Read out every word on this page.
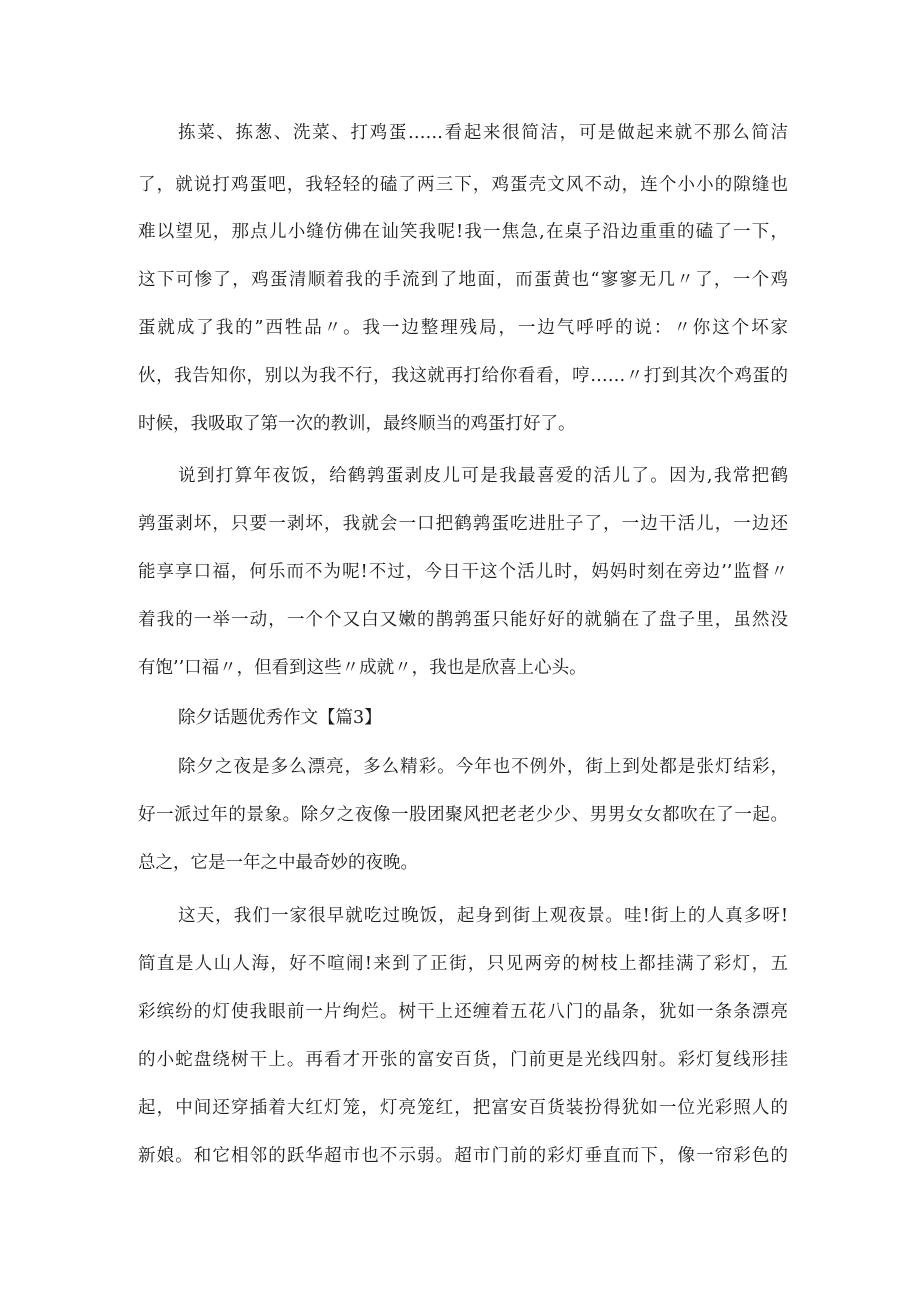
拣菜、拣葱、洗菜、打鸡蛋……看起来很简洁，可是做起来就不那么简洁

了，就说打鸡蛋吧，我轻轻的磕了两三下，鸡蛋壳文风不动，连个小小的隙缝也

难以望见，那点儿小缝仿佛在讪笑我呢!我一焦急,在桌子沿边重重的磕了一下，

这下可惨了，鸡蛋清顺着我的手流到了地面，而蛋黄也“寥寥无几〃了，一个鸡

蛋就成了我的”西牲品〃。我一边整理残局，一边气呼呼的说：〃你这个坏家

伙，我告知你，别以为我不行，我这就再打给你看看，哼……〃打到其次个鸡蛋的

时候，我吸取了第一次的教训，最终顺当的鸡蛋打好了。

说到打算年夜饭，给鹤鹑蛋剥皮儿可是我最喜爱的活儿了。因为,我常把鹤

鹑蛋剥坏，只要一剥坏，我就会一口把鹤鹑蛋吃进肚子了，一边干活儿，一边还

能享享口福，何乐而不为呢!不过，今日干这个活儿时，妈妈时刻在旁边’’监督〃

着我的一举一动，一个个又白又嫩的鹊鹑蛋只能好好的就躺在了盘子里，虽然没

有饱’’口福〃，但看到这些〃成就〃，我也是欣喜上心头。

除夕话题优秀作文【篇3】

除夕之夜是多么漂亮，多么精彩。今年也不例外，街上到处都是张灯结彩，

好一派过年的景象。除夕之夜像一股团聚风把老老少少、男男女女都吹在了一起。

总之，它是一年之中最奇妙的夜晚。

这天，我们一家很早就吃过晚饭，起身到街上观夜景。哇!街上的人真多呀!

简直是人山人海，好不喧闹!来到了正街，只见两旁的树枝上都挂满了彩灯，五

彩缤纷的灯使我眼前一片绚烂。树干上还缠着五花八门的晶条，犹如一条条漂亮

的小蛇盘绕树干上。再看才开张的富安百货，门前更是光线四射。彩灯复线形挂

起，中间还穿插着大红灯笼，灯亮笼红，把富安百货装扮得犹如一位光彩照人的

新娘。和它相邻的跃华超市也不示弱。超市门前的彩灯垂直而下，像一帘彩色的
